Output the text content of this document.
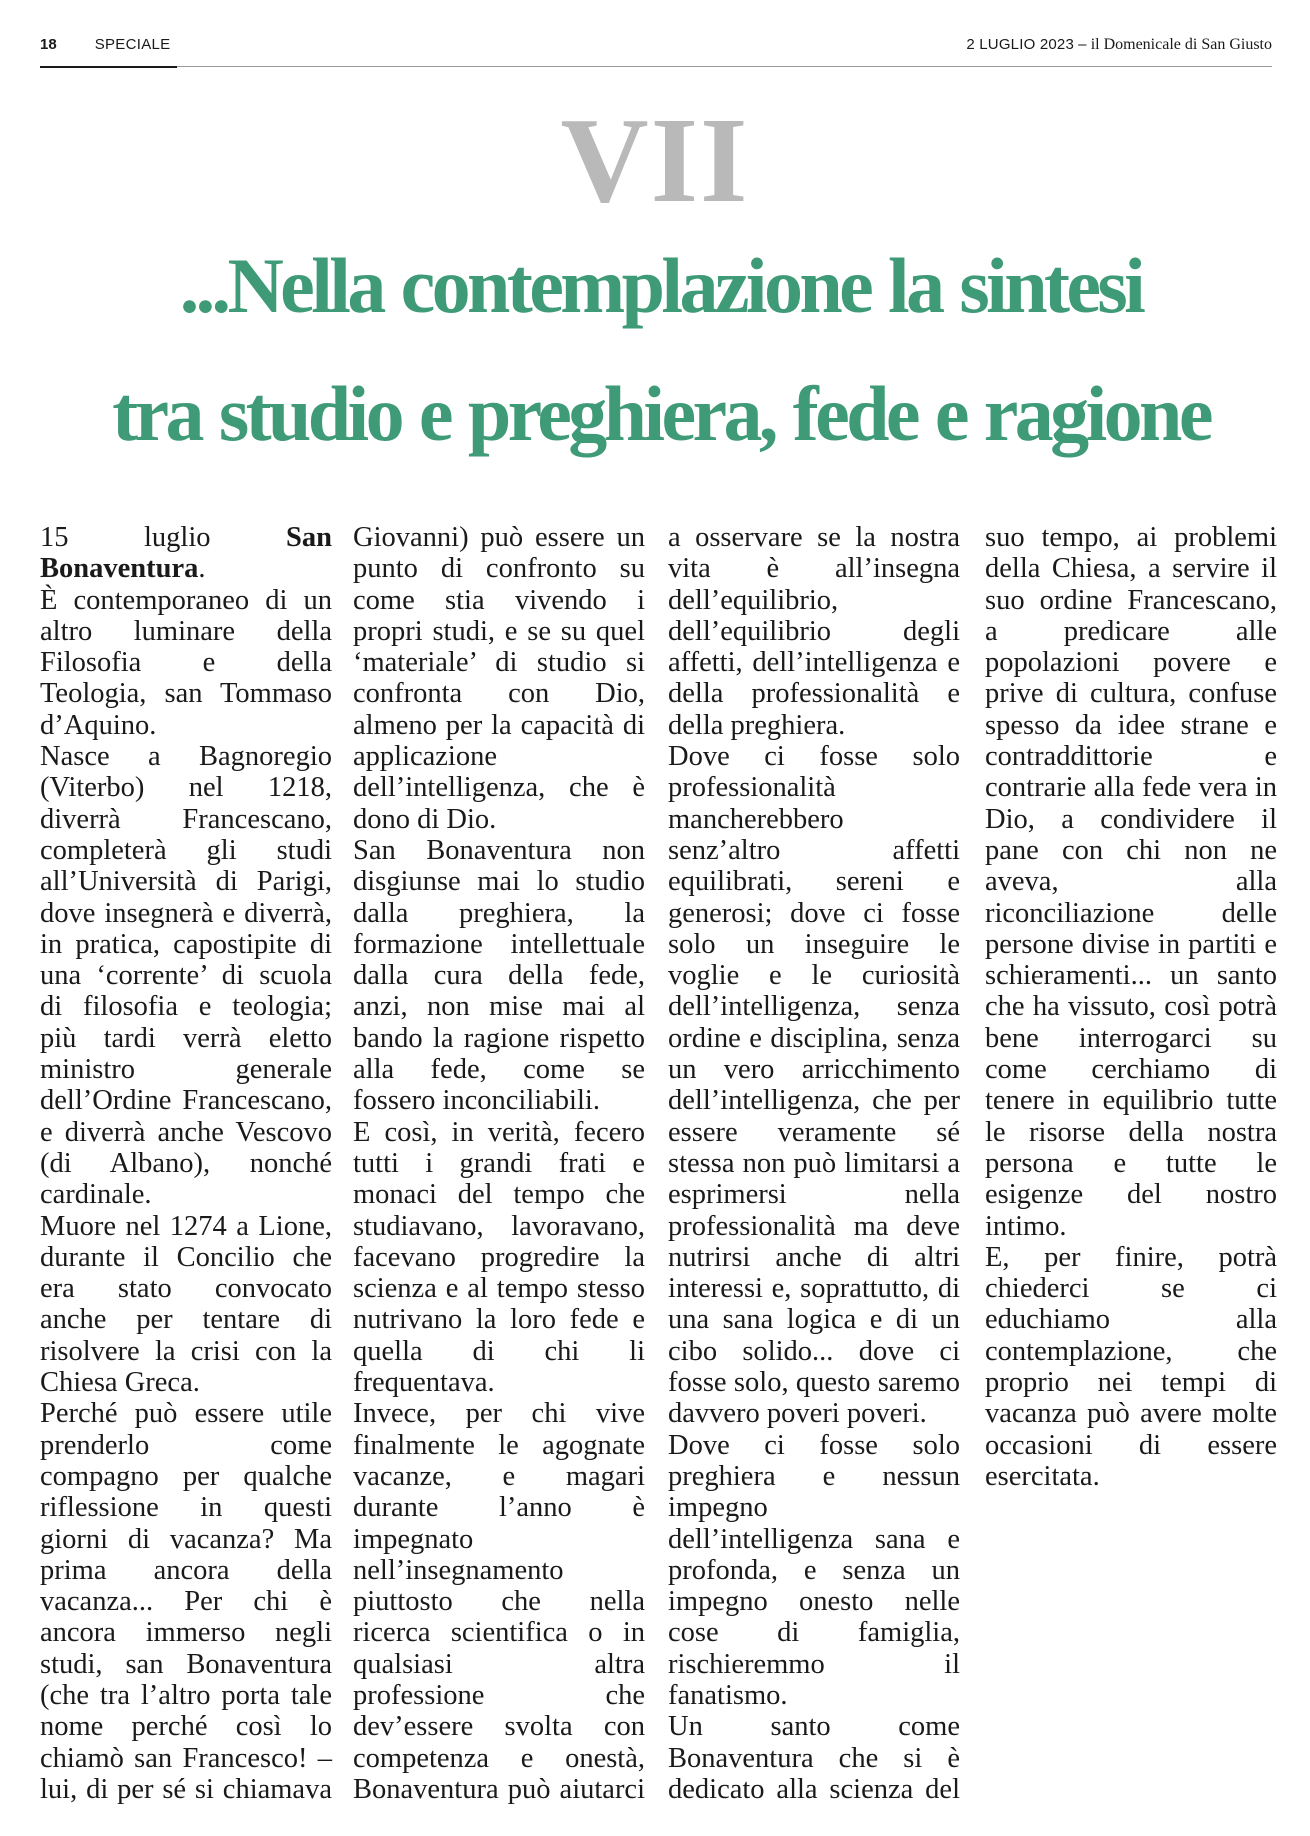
18	SPECIALE	2 LUGLIO 2023 – il Domenicale di San Giusto
VII
...Nella contemplazione la sintesi
tra studio e preghiera, fede e ragione

15 luglio San Bonaventura.

È contemporaneo di un altro luminare della Filosofia e della Teologia, san Tommaso d’Aquino.

Nasce a Bagnoregio (Viterbo) nel 1218, diverrà Francescano, completerà gli studi all’Università di Parigi, dove insegnerà e diverrà, in pratica, capostipite di una ‘corrente’ di scuola di filosofia e teologia; più tardi verrà eletto ministro generale dell’Ordine Francescano, e diverrà anche Vescovo (di Albano), nonché cardinale.

Muore nel 1274 a Lione, durante il Concilio che era stato convocato anche per tentare di risolvere la crisi con la Chiesa Greca.

Perché può essere utile prenderlo come compagno per qualche riflessione in questi giorni di vacanza? Ma prima ancora della vacanza... Per chi è ancora immerso negli studi, san Bonaventura (che tra l’altro porta tale nome perché così lo chiamò san Francesco! – lui, di per sé si chiamava

Giovanni) può essere un punto di confronto su come stia vivendo i propri studi, e se su quel ‘materiale’ di studio si confronta con Dio, almeno per la capacità di applicazione dell’intelligenza, che è dono di Dio.

San Bonaventura non disgiunse mai lo studio dalla preghiera, la formazione intellettuale dalla cura della fede, anzi, non mise mai al bando la ragione rispetto alla fede, come se fossero inconciliabili.

E così, in verità, fecero tutti i grandi frati e monaci del tempo che studiavano, lavoravano, facevano progredire la scienza e al tempo stesso nutrivano la loro fede e quella di chi li frequentava.

Invece, per chi vive finalmente le agognate vacanze, e magari durante l’anno è impegnato nell’insegnamento piuttosto che nella ricerca scientifica o in qualsiasi altra professione che dev’essere svolta con competenza e onestà, Bonaventura può aiutarci

a osservare se la nostra vita è all’insegna dell’equilibrio, dell’equilibrio degli affetti, dell’intelligenza e della professionalità e della preghiera.

Dove ci fosse solo professionalità mancherebbero senz’altro affetti equilibrati, sereni e generosi; dove ci fosse solo un inseguire le voglie e le curiosità dell’intelligenza, senza ordine e disciplina, senza un vero arricchimento dell’intelligenza, che per essere veramente sé stessa non può limitarsi a esprimersi nella professionalità ma deve nutrirsi anche di altri interessi e, soprattutto, di una sana logica e di un cibo solido... dove ci fosse solo, questo saremo davvero poveri poveri.

Dove ci fosse solo preghiera e nessun impegno dell’intelligenza sana e profonda, e senza un impegno onesto nelle cose di famiglia, rischieremmo il fanatismo.

Un santo come Bonaventura che si è dedicato alla scienza del

suo tempo, ai problemi della Chiesa, a servire il suo ordine Francescano, a predicare alle popolazioni povere e prive di cultura, confuse spesso da idee strane e contraddittorie e contrarie alla fede vera in Dio, a condividere il pane con chi non ne aveva, alla riconciliazione delle persone divise in partiti e schieramenti... un santo che ha vissuto, così potrà bene interrogarci su come cerchiamo di tenere in equilibrio tutte le risorse della nostra persona e tutte le esigenze del nostro intimo.

E, per finire, potrà chiederci se ci educhiamo alla contemplazione, che proprio nei tempi di vacanza può avere molte occasioni di essere esercitata.
